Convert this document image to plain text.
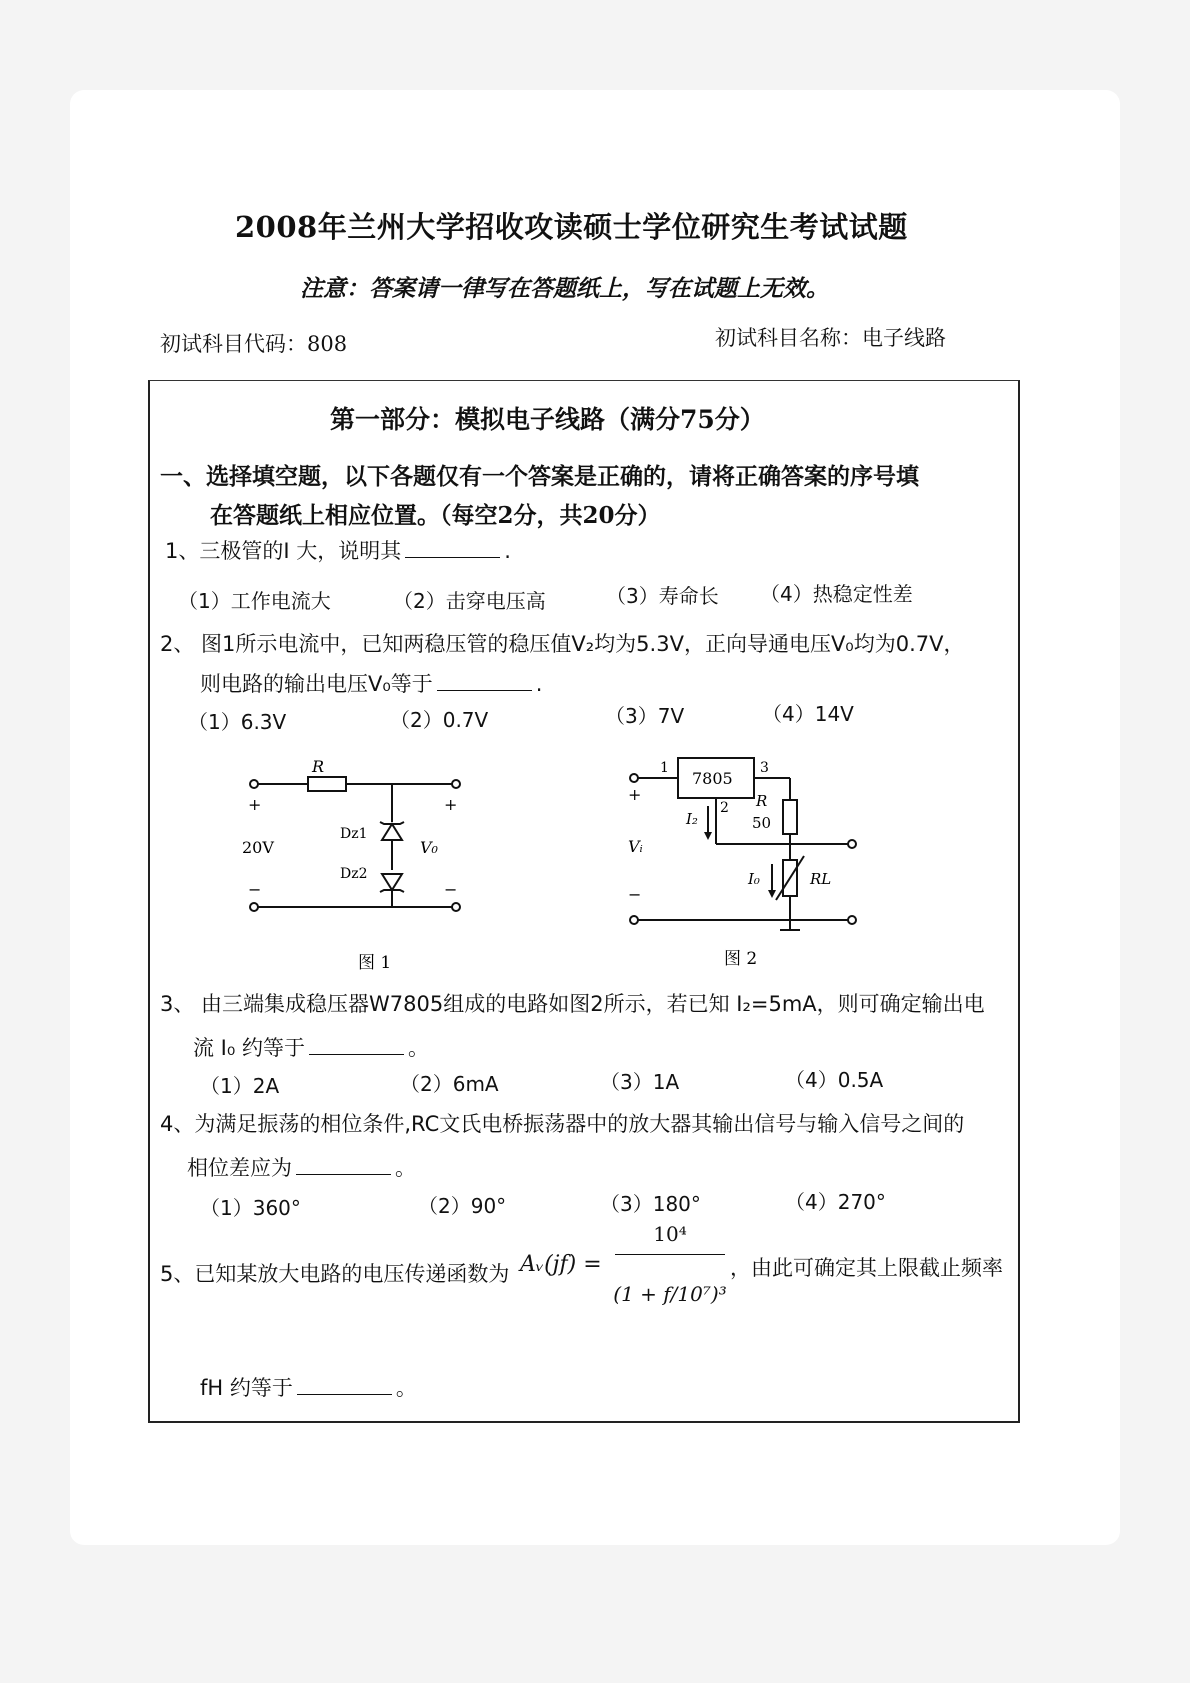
2008年兰州大学招收攻读硕士学位研究生考试试题
注意：答案请一律写在答题纸上，写在试题上无效。
初试科目代码：808	初试科目名称：电子线路
第一部分：模拟电子线路（满分75分）
一、选择填空题，以下各题仅有一个答案是正确的，请将正确答案的序号填
在答题纸上相应位置。（每空2分，共20分）
1、三极管的I 大，说明其	.
（1）工作电流大	（2）击穿电压高	（3）寿命长 （4）热稳定性差
2、 图1所示电流中，已知两稳压管的稳压值V₂均为5.3V，正向导通电压V₀均为0.7V，
则电路的输出电压V₀等于	.
（1）6.3V	（2）0.7V	（3）7V	（4）14V
R
+	+
20V	V₀
Dz1
Dz2
−	−
图 1
7805
1
2
3
R
50
I₂
+
Vᵢ
−
I₀	RL
图 2
3、 由三端集成稳压器W7805组成的电路如图2所示，若已知 I₂=5mA，则可确定输出电
流 I₀ 约等于	。
（1）2A	（2）6mA	（3）1A	（4）0.5A
4、为满足振荡的相位条件,RC文氏电桥振荡器中的放大器其输出信号与输入信号之间的
相位差应为	。
（1）360°	（2）90°	（3）180°	（4）270°
5、已知某放大电路的电压传递函数为 Aᵥ(jf) =
10⁴
(1 + f/10⁷)³
，由此可确定其上限截止频率
fH 约等于	。
